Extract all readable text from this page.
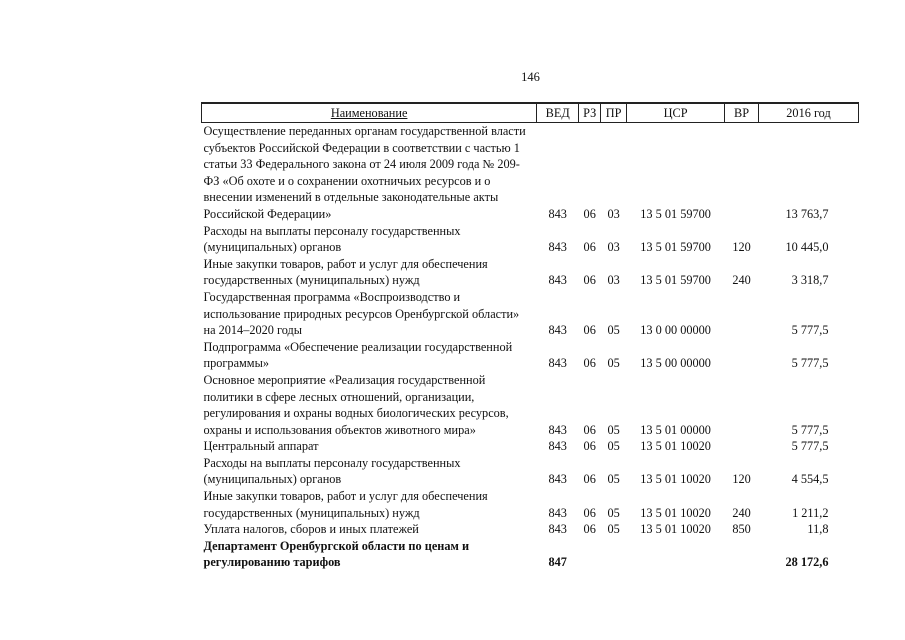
146
Наименование	ВЕД	РЗ	ПР	ЦСР	ВР	2016 год
Осуществление переданных органам государственной власти субъектов Российской Федерации в соответствии с частью 1 статьи 33 Федерального закона от 24 июля 2009 года № 209-ФЗ «Об охоте и о сохранении охотничьих ресурсов и о внесении изменений в отдельные законодательные акты Российской Федерации»	843	06	03	13 5 01 59700		13 763,7
Расходы на выплаты персоналу государственных (муниципальных) органов	843	06	03	13 5 01 59700	120	10 445,0
Иные закупки товаров, работ и услуг для обеспечения государственных (муниципальных) нужд	843	06	03	13 5 01 59700	240	3 318,7
Государственная программа «Воспроизводство и использование природных ресурсов Оренбургской области» на 2014–2020 годы	843	06	05	13 0 00 00000		5 777,5
Подпрограмма «Обеспечение реализации государственной программы»	843	06	05	13 5 00 00000		5 777,5
Основное мероприятие «Реализация государственной политики в сфере лесных отношений, организации, регулирования и охраны водных биологических ресурсов, охраны и использования объектов животного мира»	843	06	05	13 5 01 00000		5 777,5
Центральный аппарат	843	06	05	13 5 01 10020		5 777,5
Расходы на выплаты персоналу государственных (муниципальных) органов	843	06	05	13 5 01 10020	120	4 554,5
Иные закупки товаров, работ и услуг для обеспечения государственных (муниципальных) нужд	843	06	05	13 5 01 10020	240	1 211,2
Уплата налогов, сборов и иных платежей	843	06	05	13 5 01 10020	850	11,8
Департамент Оренбургской области по ценам и регулированию тарифов	847					28 172,6
